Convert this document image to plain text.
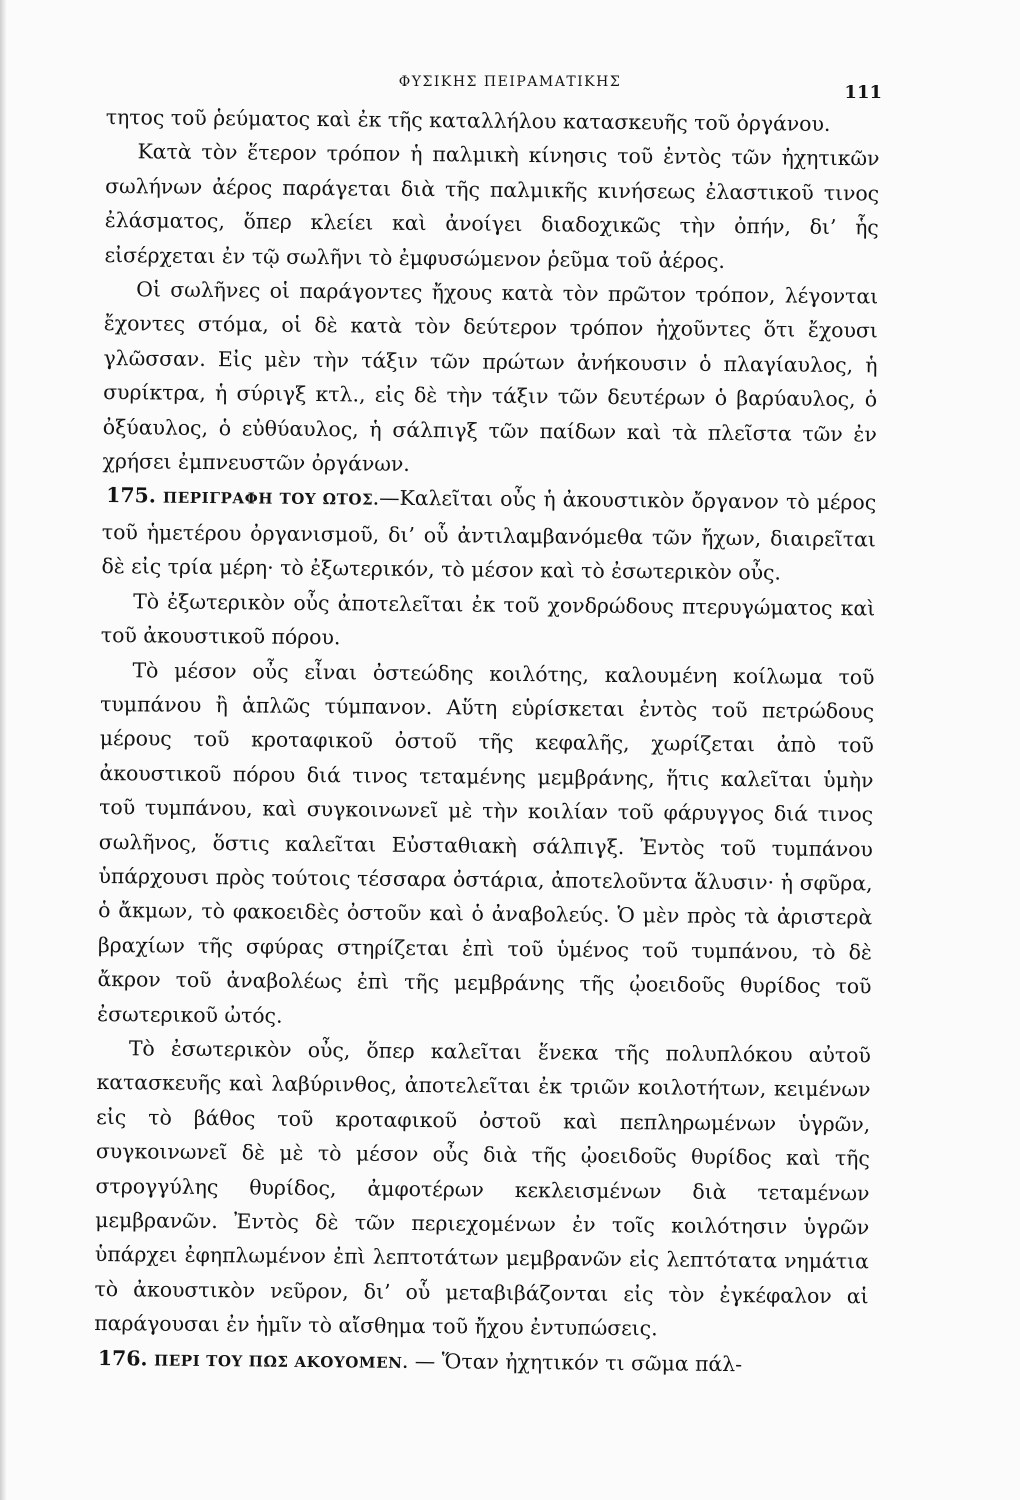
ΦΥΣΙΚΗΣ ΠΕΙΡΑΜΑΤΙΚΗΣ	111

τητος τοῦ ῥεύματος καὶ ἐκ τῆς καταλλήλου κατασκευῆς τοῦ ὀργάνου.

Κατὰ τὸν ἕτερον τρόπον ἡ παλμικὴ κίνησις τοῦ ἐντὸς τῶν ἠχητικῶν σωλήνων ἀέρος παράγεται διὰ τῆς παλμικῆς κινήσεως ἐλαστικοῦ τινος ἐλάσματος, ὅπερ κλείει καὶ ἀνοίγει διαδοχικῶς τὴν ὀπήν, δι’ ἧς εἰσέρχεται ἐν τῷ σωλῆνι τὸ ἐμφυσώμενον ῥεῦμα τοῦ ἀέρος.

Οἱ σωλῆνες οἱ παράγοντες ἤχους κατὰ τὸν πρῶτον τρόπον, λέγονται ἔχοντες στόμα, οἱ δὲ κατὰ τὸν δεύτερον τρόπον ἠχοῦντες ὅτι ἔχουσι γλῶσσαν. Εἰς μὲν τὴν τάξιν τῶν πρώτων ἀνήκουσιν ὁ πλαγίαυλος, ἡ συρίκτρα, ἡ σύριγξ κτλ., εἰς δὲ τὴν τάξιν τῶν δευτέρων ὁ βαρύαυλος, ὁ ὀξύαυλος, ὁ εὐθύαυλος, ἡ σάλπιγξ τῶν παίδων καὶ τὰ πλεῖστα τῶν ἐν χρήσει ἐμπνευστῶν ὀργάνων.

175. ΠΕΡΙΓΡΑΦΗ ΤΟΥ ΩΤΟΣ.—Καλεῖται οὖς ἡ ἀκουστικὸν ὄργανον τὸ μέρος τοῦ ἡμετέρου ὀργανισμοῦ, δι’ οὗ ἀντιλαμβανόμεθα τῶν ἤχων, διαιρεῖται δὲ εἰς τρία μέρη· τὸ ἐξωτερικόν, τὸ μέσον καὶ τὸ ἐσωτερικὸν οὖς.

Τὸ ἐξωτερικὸν οὖς ἀποτελεῖται ἐκ τοῦ χονδρώδους πτερυγώματος καὶ τοῦ ἀκουστικοῦ πόρου.

Τὸ μέσον οὖς εἶναι ὀστεώδης κοιλότης, καλουμένη κοίλωμα τοῦ τυμπάνου ἢ ἁπλῶς τύμπανον. Αὕτη εὑρίσκεται ἐντὸς τοῦ πετρώδους μέρους τοῦ κροταφικοῦ ὀστοῦ τῆς κεφαλῆς, χωρίζεται ἀπὸ τοῦ ἀκουστικοῦ πόρου διά τινος τεταμένης μεμβράνης, ἥτις καλεῖται ὑμὴν τοῦ τυμπάνου, καὶ συγκοινωνεῖ μὲ τὴν κοιλίαν τοῦ φάρυγγος διά τινος σωλῆνος, ὅστις καλεῖται Εὐσταθιακὴ σάλπιγξ. Ἐντὸς τοῦ τυμπάνου ὑπάρχουσι πρὸς τούτοις τέσσαρα ὀστάρια, ἀποτελοῦντα ἅλυσιν· ἡ σφῦρα, ὁ ἄκμων, τὸ φακοειδὲς ὀστοῦν καὶ ὁ ἀναβολεύς. Ὁ μὲν πρὸς τὰ ἀριστερὰ βραχίων τῆς σφύρας στηρίζεται ἐπὶ τοῦ ὑμένος τοῦ τυμπάνου, τὸ δὲ ἄκρον τοῦ ἀναβολέως ἐπὶ τῆς μεμβράνης τῆς ᾠοειδοῦς θυρίδος τοῦ ἐσωτερικοῦ ὠτός.

Τὸ ἐσωτερικὸν οὖς, ὅπερ καλεῖται ἕνεκα τῆς πολυπλόκου αὐτοῦ κατασκευῆς καὶ λαβύρινθος, ἀποτελεῖται ἐκ τριῶν κοιλοτήτων, κειμένων εἰς τὸ βάθος τοῦ κροταφικοῦ ὀστοῦ καὶ πεπληρωμένων ὑγρῶν, συγκοινωνεῖ δὲ μὲ τὸ μέσον οὖς διὰ τῆς ᾠοειδοῦς θυρίδος καὶ τῆς στρογγύλης θυρίδος, ἀμφοτέρων κεκλεισμένων διὰ τεταμένων μεμβρανῶν. Ἐντὸς δὲ τῶν περιεχομένων ἐν τοῖς κοιλότησιν ὑγρῶν ὑπάρχει ἐφηπλωμένον ἐπὶ λεπτοτάτων μεμβρανῶν εἰς λεπτότατα νημάτια τὸ ἀκουστικὸν νεῦρον, δι’ οὗ μεταβιβάζονται εἰς τὸν ἐγκέφαλον αἱ παράγουσαι ἐν ἡμῖν τὸ αἴσθημα τοῦ ἤχου ἐντυπώσεις.

176. ΠΕΡΙ ΤΟΥ ΠΩΣ ΑΚΟΥΟΜΕΝ. — Ὅταν ἠχητικόν τι σῶμα πάλ-
